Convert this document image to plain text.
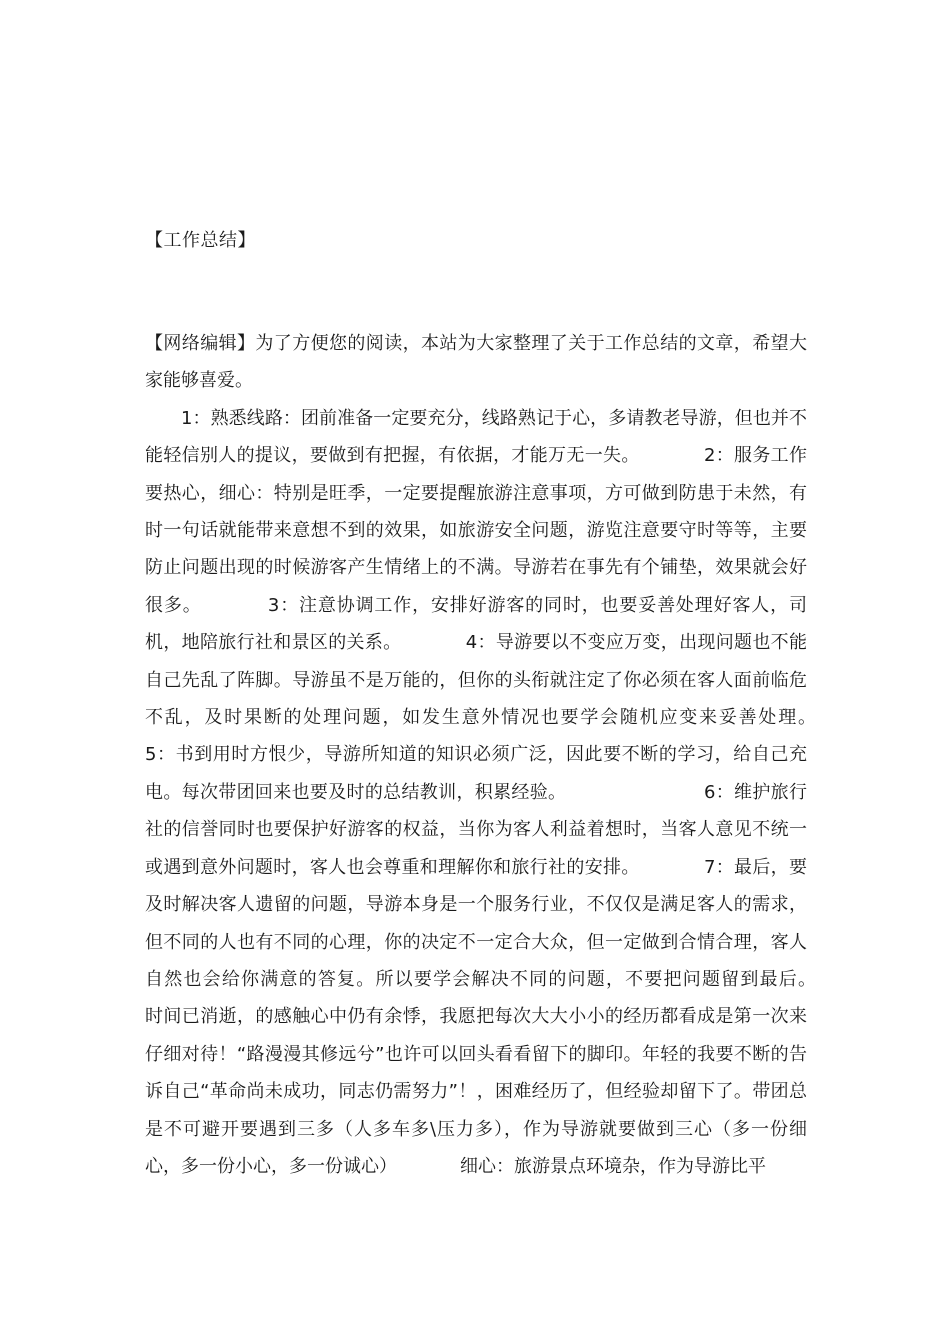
【工作总结】

【网络编辑】为了方便您的阅读，本站为大家整理了关于工作总结的文章，希望大家能够喜爱。

1：熟悉线路：团前准备一定要充分，线路熟记于心，多请教老导游，但也并不能轻信别人的提议，要做到有把握，有依据，才能万无一失。　　　　2：服务工作要热心，细心：特别是旺季，一定要提醒旅游注意事项，方可做到防患于未然，有时一句话就能带来意想不到的效果，如旅游安全问题，游览注意要守时等等，主要防止问题出现的时候游客产生情绪上的不满。导游若在事先有个铺垫，效果就会好很多。　　　　3：注意协调工作，安排好游客的同时，也要妥善处理好客人，司机，地陪旅行社和景区的关系。　　　　4：导游要以不变应万变，出现问题也不能自己先乱了阵脚。导游虽不是万能的，但你的头衔就注定了你必须在客人面前临危不乱，及时果断的处理问题，如发生意外情况也要学会随机应变来妥善处理。　　　　5：书到用时方恨少，导游所知道的知识必须广泛，因此要不断的学习，给自己充电。每次带团回来也要及时的总结教训，积累经验。　　　　　　　　6：维护旅行社的信誉同时也要保护好游客的权益，当你为客人利益着想时，当客人意见不统一或遇到意外问题时，客人也会尊重和理解你和旅行社的安排。　　　　7：最后，要及时解决客人遗留的问题，导游本身是一个服务行业，不仅仅是满足客人的需求，但不同的人也有不同的心理，你的决定不一定合大众，但一定做到合情合理，客人自然也会给你满意的答复。所以要学会解决不同的问题，不要把问题留到最后。　　　　时间已消逝，的感触心中仍有余悸，我愿把每次大大小小的经历都看成是第一次来仔细对待！“路漫漫其修远兮”也许可以回头看看留下的脚印。年轻的我要不断的告诉自己“革命尚未成功，同志仍需努力”！，困难经历了，但经验却留下了。带团总是不可避开要遇到三多（人多车多\压力多），作为导游就要做到三心（多一份细心，多一份小心，多一份诚心）　　　　细心：旅游景点环境杂，作为导游比平
